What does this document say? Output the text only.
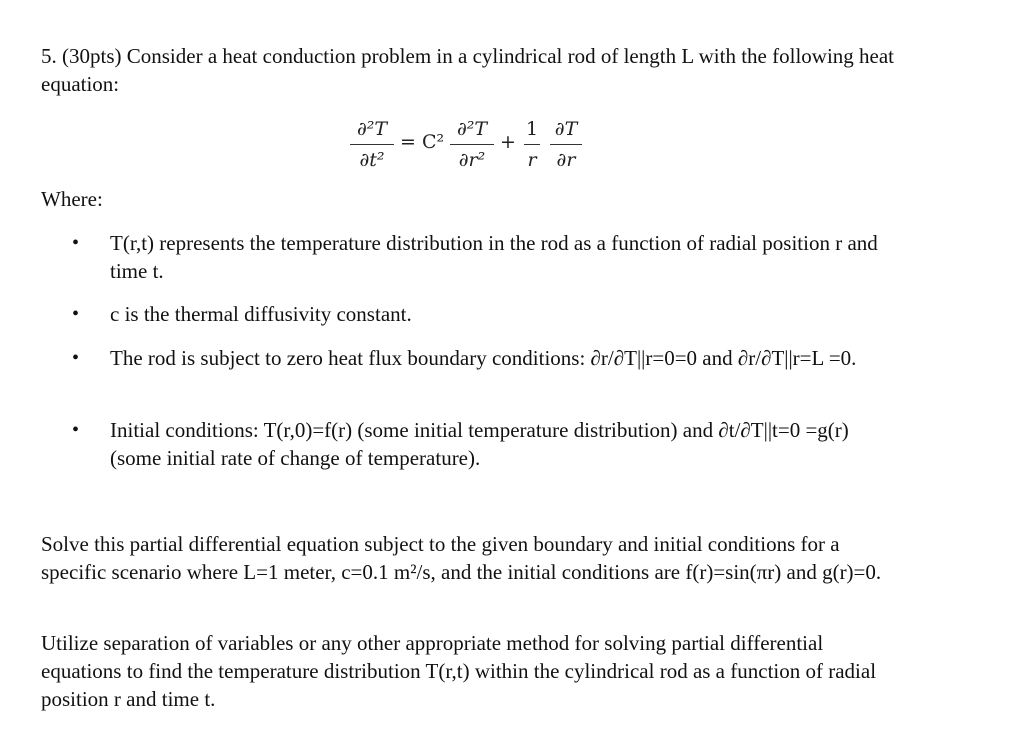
5. (30pts) Consider a heat conduction problem in a cylindrical rod of length L with the following heat equation:

∂²T
∂t²
= C²
∂²T
∂r²
+
1
r
∂T
∂r

Where:

• T(r,t) represents the temperature distribution in the rod as a function of radial position r and time t.
• c is the thermal diffusivity constant.
• The rod is subject to zero heat flux boundary conditions: ∂r/∂T||r=0=0 and ∂r/∂T||r=L =0.
• Initial conditions: T(r,0)=f(r) (some initial temperature distribution) and ∂t/∂T||t=0 =g(r) (some initial rate of change of temperature).

Solve this partial differential equation subject to the given boundary and initial conditions for a specific scenario where L=1 meter, c=0.1 m²/s, and the initial conditions are f(r)=sin(πr) and g(r)=0.

Utilize separation of variables or any other appropriate method for solving partial differential equations to find the temperature distribution T(r,t) within the cylindrical rod as a function of radial position r and time t.
